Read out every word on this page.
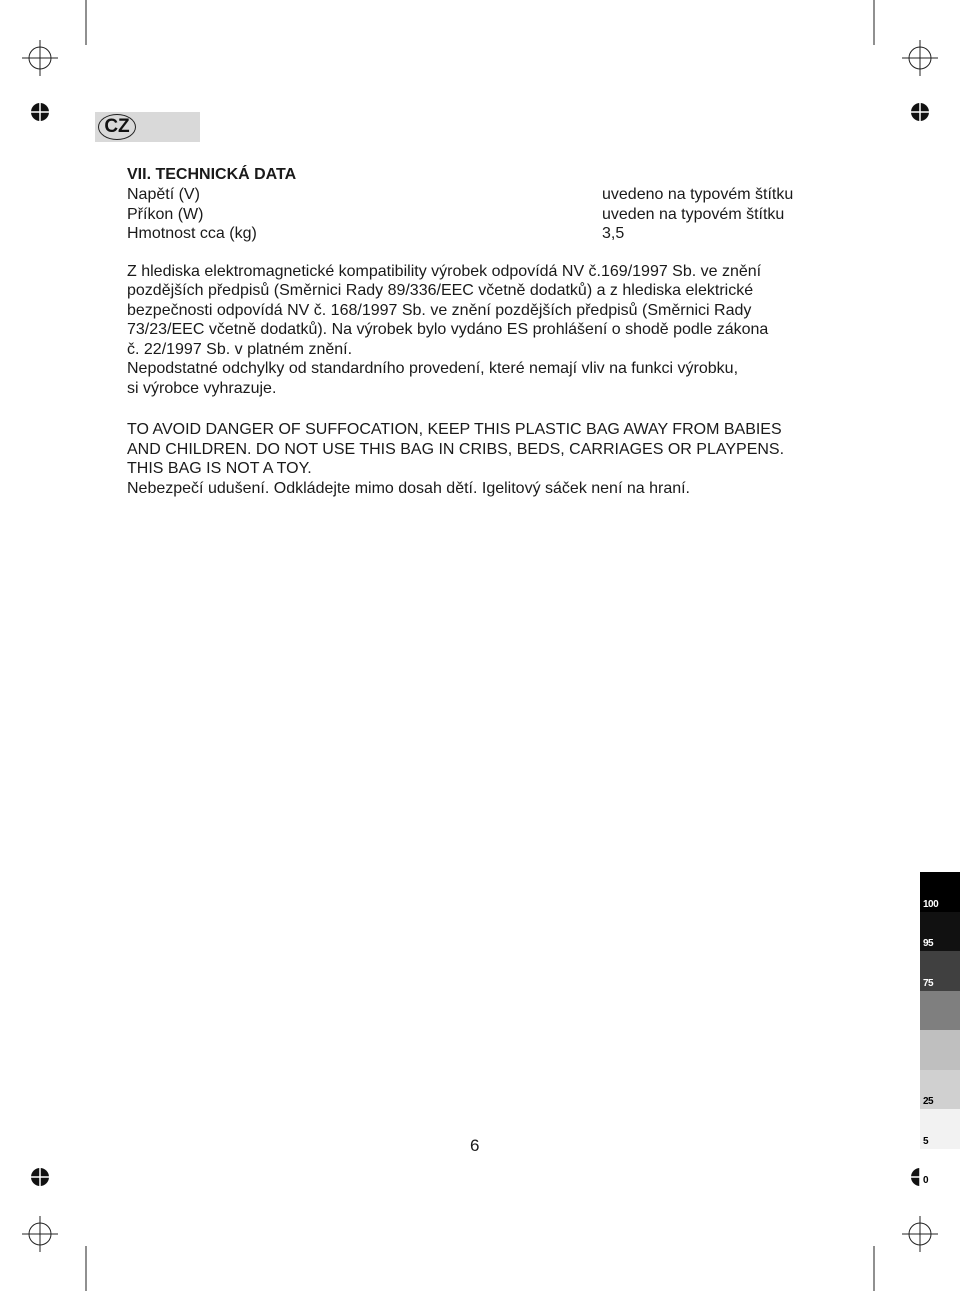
CZ
VII. TECHNICKÁ DATA
Napětí (V)	uvedeno na typovém štítku
Příkon (W)	uveden na typovém štítku
Hmotnost cca (kg)	3,5
Z hlediska elektromagnetické kompatibility výrobek odpovídá NV č.169/1997 Sb. ve znění
pozdějších předpisů (Směrnici Rady 89/336/EEC včetně dodatků) a z hlediska elektrické
bezpečnosti odpovídá NV č. 168/1997 Sb. ve znění pozdějších předpisů (Směrnici Rady
73/23/EEC včetně dodatků). Na výrobek bylo vydáno ES prohlášení o shodě podle zákona
č. 22/1997 Sb. v platném znění.
Nepodstatné odchylky od standardního provedení, které nemají vliv na funkci výrobku,
si výrobce vyhrazuje.
TO AVOID DANGER OF SUFFOCATION, KEEP THIS PLASTIC BAG AWAY FROM BABIES
AND CHILDREN. DO NOT USE THIS BAG IN CRIBS, BEDS, CARRIAGES OR PLAYPENS.
THIS BAG IS NOT A TOY.
Nebezpečí udušení. Odkládejte mimo dosah dětí. Igelitový sáček není na hraní.
6
100
95
75
25
5
0
